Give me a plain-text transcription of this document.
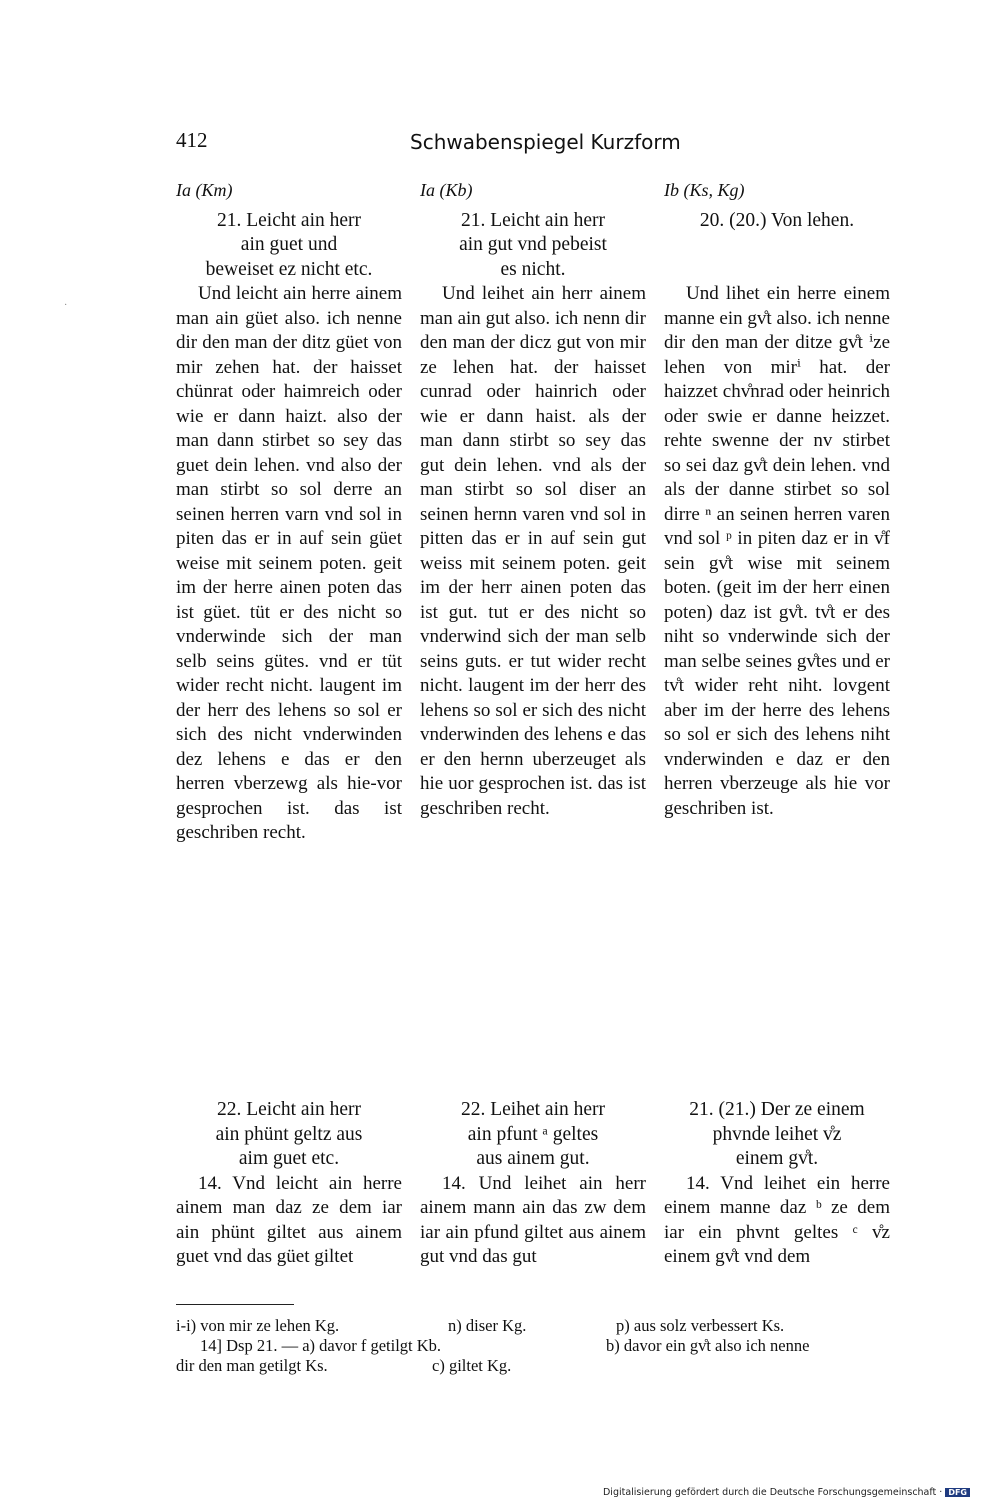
412	Schwabenspiegel Kurzform
·

Ia (Km)

21. Leicht ain herr
ain guet und
beweiset ez nicht etc.

Und leicht ain herre ainem man ain güet also. ich nenne dir den man der ditz güet von mir zehen hat. der haisset chünrat oder haimreich oder wie er dann haizt. also der man dann stirbet so sey das guet dein lehen. vnd also der man stirbt so sol derre an seinen herren varn vnd sol in piten das er in auf sein güet weise mit seinem poten. geit im der herre ainen poten das ist güet. tüt er des nicht so vnderwinde sich der man selb seins gütes. vnd er tüt wider recht nicht. laugent im der herr des lehens so sol er sich des nicht vnderwinden dez lehens e das er den herren vberzewg als hie-vor gesprochen ist. das ist geschriben recht.

Ia (Kb)

21. Leicht ain herr
ain gut vnd pebeist
es nicht.

Und leihet ain herr ainem man ain gut also. ich nenn dir den man der dicz gut von mir ze lehen hat. der haisset cunrad oder hainrich oder wie er dann haist. als der man dann stirbt so sey das gut dein lehen. vnd als der man stirbt so sol diser an seinen hernn varen vnd sol in pitten das er in auf sein gut weiss mit seinem poten. geit im der herr ainen poten das ist gut. tut er des nicht so vnderwind sich der man selb seins guts. er tut wider recht nicht. laugent im der herr des lehens so sol er sich des nicht vnderwinden des lehens e das er den hernn uberzeuget als hie uor gesprochen ist. das ist geschriben recht.

Ib (Ks, Kg)

20. (20.) Von lehen.

Und lihet ein herre einem manne ein gv̊t also. ich nenne dir den man der ditze gv̊t ⁱze lehen von mirⁱ hat. der haizzet chv̊nrad oder heinrich oder swie er danne heizzet. rehte swenne der nv stirbet so sei daz gv̊t dein lehen. vnd als der danne stirbet so sol dirre ⁿ an seinen herren varen vnd sol ᵖ in piten daz er in v̊f sein gv̊t wise mit seinem boten. (geit im der herr einen poten) daz ist gv̊t. tv̊t er des niht so vnderwinde sich der man selbe seines gv̊tes und er tv̊t wider reht niht. lovgent aber im der herre des lehens so sol er sich des lehens niht vnderwinden e daz er den herren vberzeuge als hie vor geschriben ist.

22. Leicht ain herr
ain phünt geltz aus
aim guet etc.

14. Vnd leicht ain herre ainem man daz ze dem iar ain phünt giltet aus ainem guet vnd das güet giltet

22. Leihet ain herr
ain pfunt ᵃ geltes
aus ainem gut.

14. Und leihet ain herr ainem mann ain das zw dem iar ain pfund giltet aus ainem gut vnd das gut

21. (21.) Der ze einem
phvnde leihet v̊z
einem gv̊t.

14. Vnd leihet ein herre einem manne daz ᵇ ze dem iar ein phvnt geltes ᶜ v̊z einem gv̊t vnd dem

i-i) von mir ze lehen Kg.	n) diser Kg.	p) aus solz verbessert Ks.
14] Dsp 21. — a) davor f getilgt Kb.	b) davor ein gv̊t also ich nenne
dir den man getilgt Ks.	c) giltet Kg.
Digitalisierung gefördert durch die Deutsche Forschungsgemeinschaft · DFG
